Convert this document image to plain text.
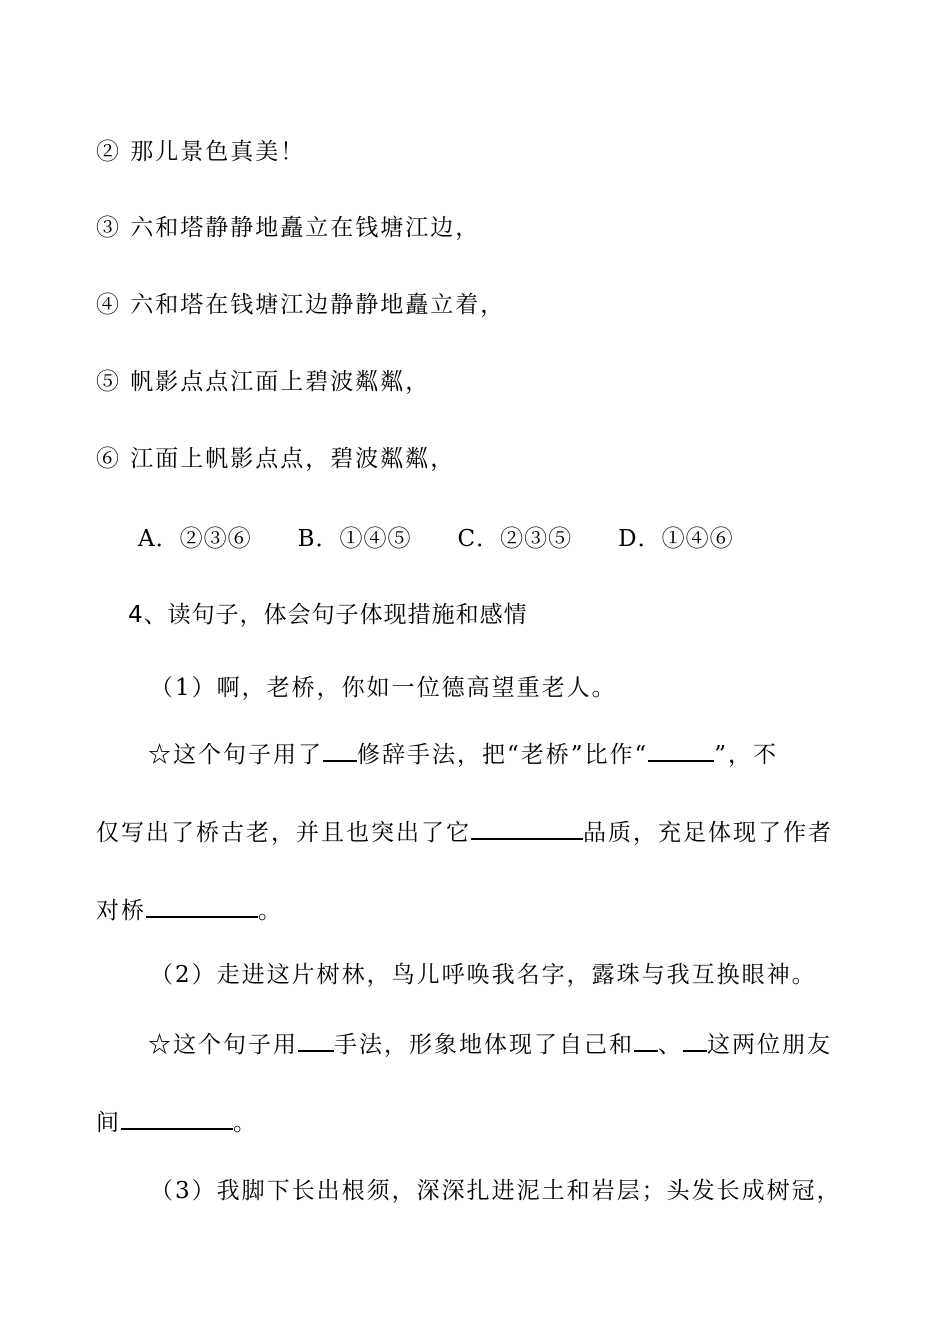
② 那儿景色真美！
③ 六和塔静静地矗立在钱塘江边，
④ 六和塔在钱塘江边静静地矗立着，
⑤ 帆影点点江面上碧波粼粼，
⑥ 江面上帆影点点，碧波粼粼，
A．②③⑥ B．①④⑤ C．②③⑤ D．①④⑥
4、读句子，体会句子体现措施和感情
（1）啊，老桥，你如一位德高望重老人。
☆这个句子用了 修辞手法，把“老桥”比作“	”，不
仅写出了桥古老，并且也突出了它	品质，充足体现了作者
对桥	。
（2）走进这片树林，鸟儿呼唤我名字，露珠与我互换眼神。
☆这个句子用 手法，形象地体现了自己和 、 这两位朋友
间	。
（3）我脚下长出根须，深深扎进泥土和岩层；头发长成树冠，
